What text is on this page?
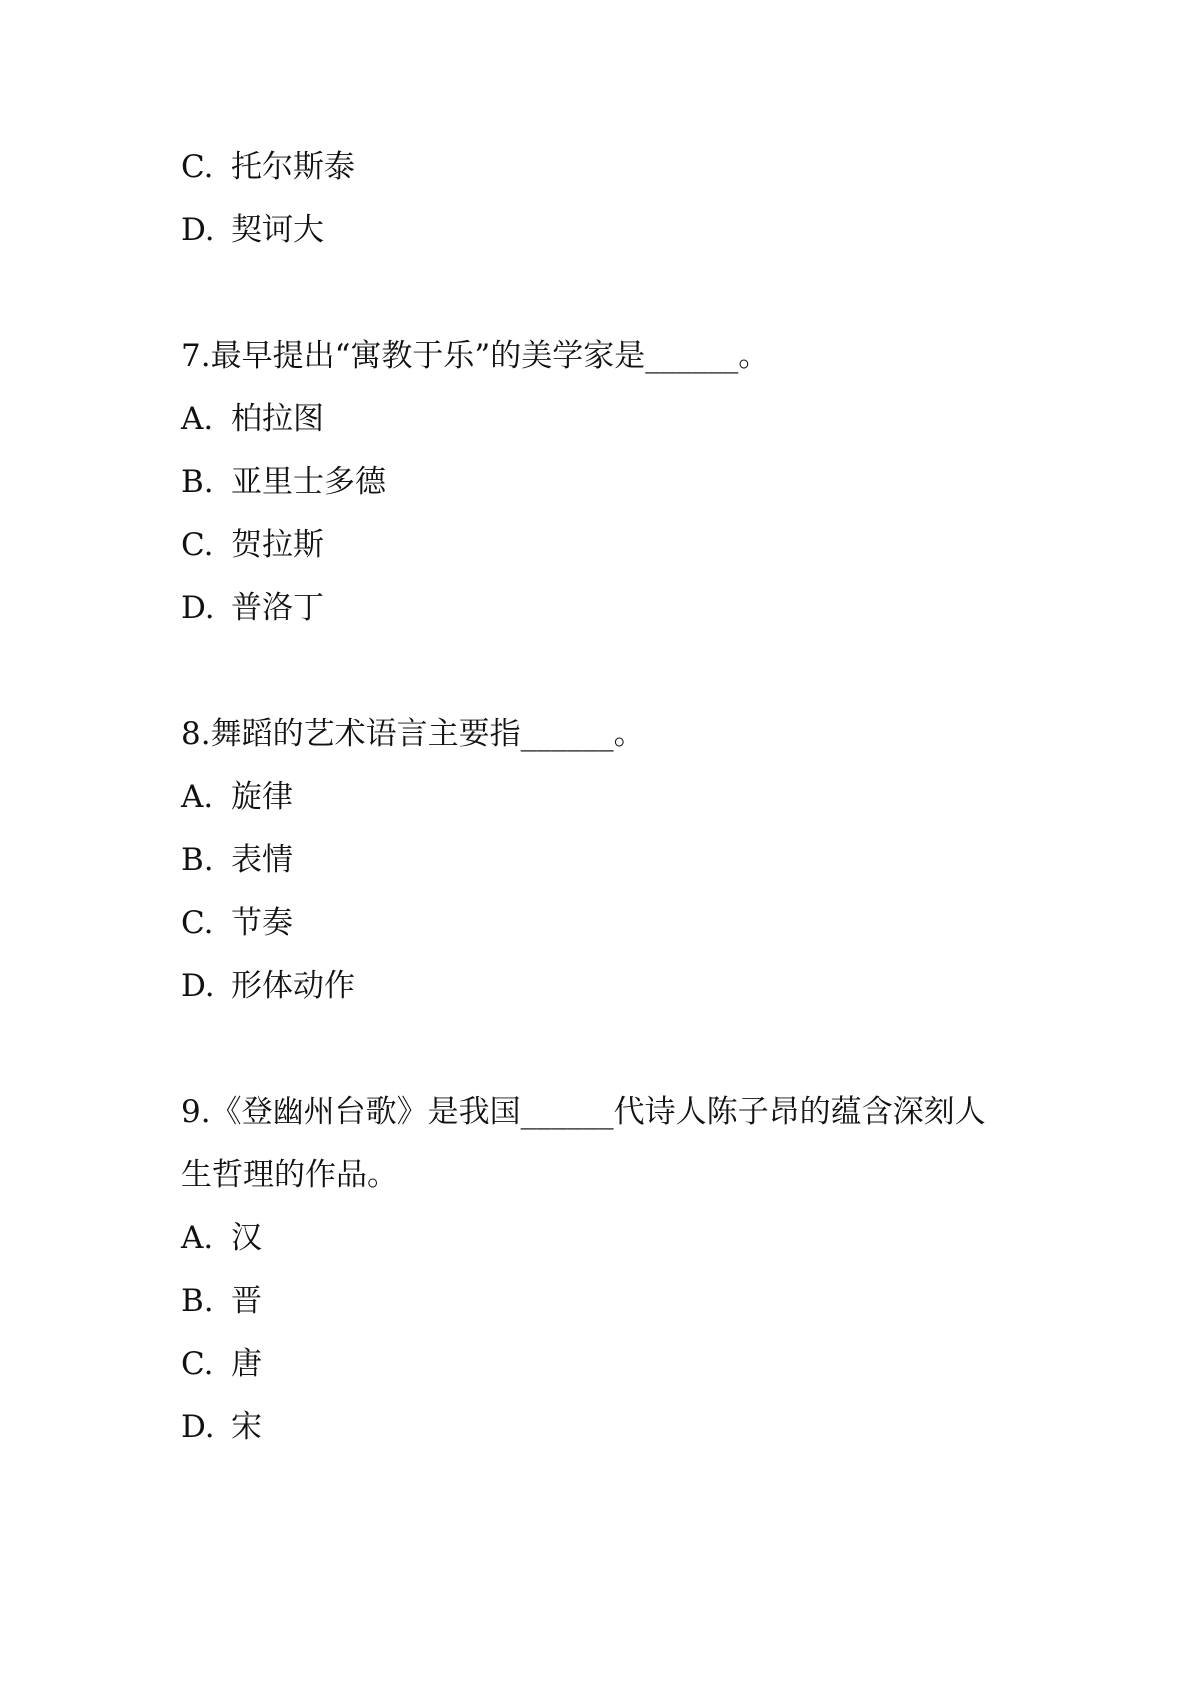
C. 托尔斯泰
D. 契诃大
7.最早提出“寓教于乐”的美学家是______。
A. 柏拉图
B. 亚里士多德
C. 贺拉斯
D. 普洛丁
8.舞蹈的艺术语言主要指______。
A. 旋律
B. 表情
C. 节奏
D. 形体动作
9.《登幽州台歌》是我国______代诗人陈子昂的蕴含深刻人
生哲理的作品。
A. 汉
B. 晋
C. 唐
D. 宋
